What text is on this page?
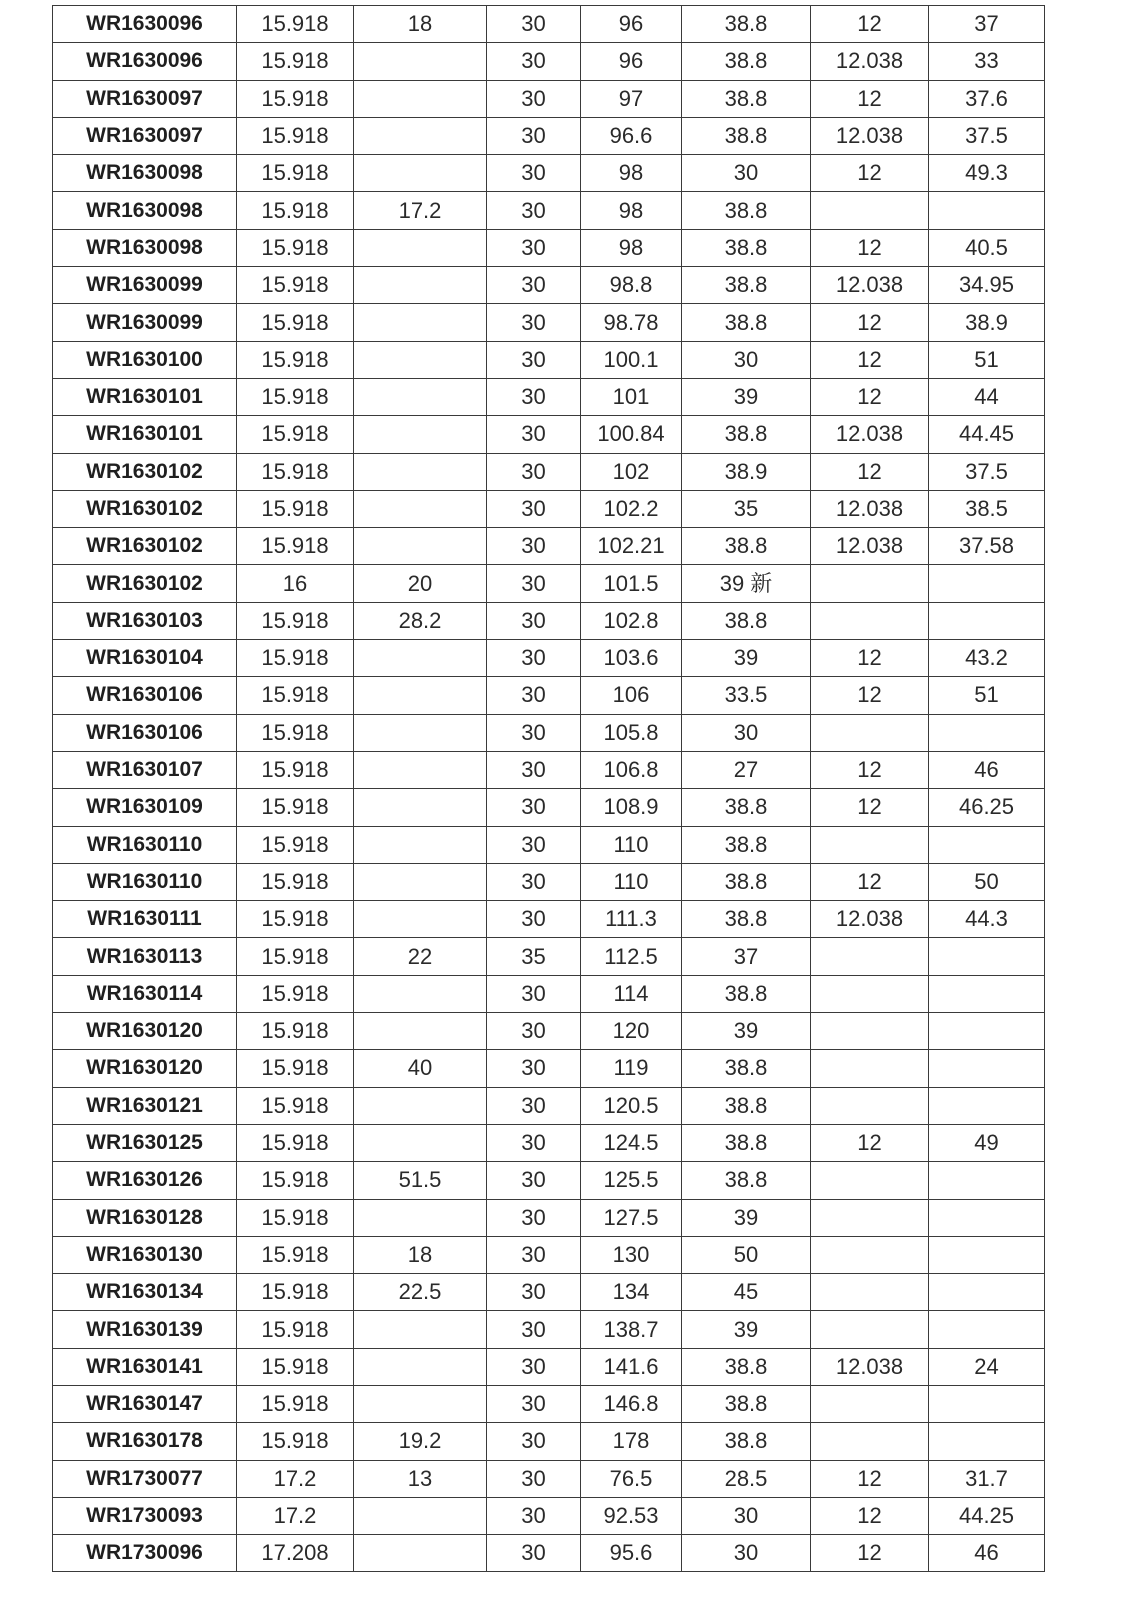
WR1630096	15.918	18	30	96	38.8	12	37
WR1630096	15.918		30	96	38.8	12.038	33
WR1630097	15.918		30	97	38.8	12	37.6
WR1630097	15.918		30	96.6	38.8	12.038	37.5
WR1630098	15.918		30	98	30	12	49.3
WR1630098	15.918	17.2	30	98	38.8		
WR1630098	15.918		30	98	38.8	12	40.5
WR1630099	15.918		30	98.8	38.8	12.038	34.95
WR1630099	15.918		30	98.78	38.8	12	38.9
WR1630100	15.918		30	100.1	30	12	51
WR1630101	15.918		30	101	39	12	44
WR1630101	15.918		30	100.84	38.8	12.038	44.45
WR1630102	15.918		30	102	38.9	12	37.5
WR1630102	15.918		30	102.2	35	12.038	38.5
WR1630102	15.918		30	102.21	38.8	12.038	37.58
WR1630102	16	20	30	101.5	39 新		
WR1630103	15.918	28.2	30	102.8	38.8		
WR1630104	15.918		30	103.6	39	12	43.2
WR1630106	15.918		30	106	33.5	12	51
WR1630106	15.918		30	105.8	30		
WR1630107	15.918		30	106.8	27	12	46
WR1630109	15.918		30	108.9	38.8	12	46.25
WR1630110	15.918		30	110	38.8		
WR1630110	15.918		30	110	38.8	12	50
WR1630111	15.918		30	111.3	38.8	12.038	44.3
WR1630113	15.918	22	35	112.5	37		
WR1630114	15.918		30	114	38.8		
WR1630120	15.918		30	120	39		
WR1630120	15.918	40	30	119	38.8		
WR1630121	15.918		30	120.5	38.8		
WR1630125	15.918		30	124.5	38.8	12	49
WR1630126	15.918	51.5	30	125.5	38.8		
WR1630128	15.918		30	127.5	39		
WR1630130	15.918	18	30	130	50		
WR1630134	15.918	22.5	30	134	45		
WR1630139	15.918		30	138.7	39		
WR1630141	15.918		30	141.6	38.8	12.038	24
WR1630147	15.918		30	146.8	38.8		
WR1630178	15.918	19.2	30	178	38.8		
WR1730077	17.2	13	30	76.5	28.5	12	31.7
WR1730093	17.2		30	92.53	30	12	44.25
WR1730096	17.208		30	95.6	30	12	46
